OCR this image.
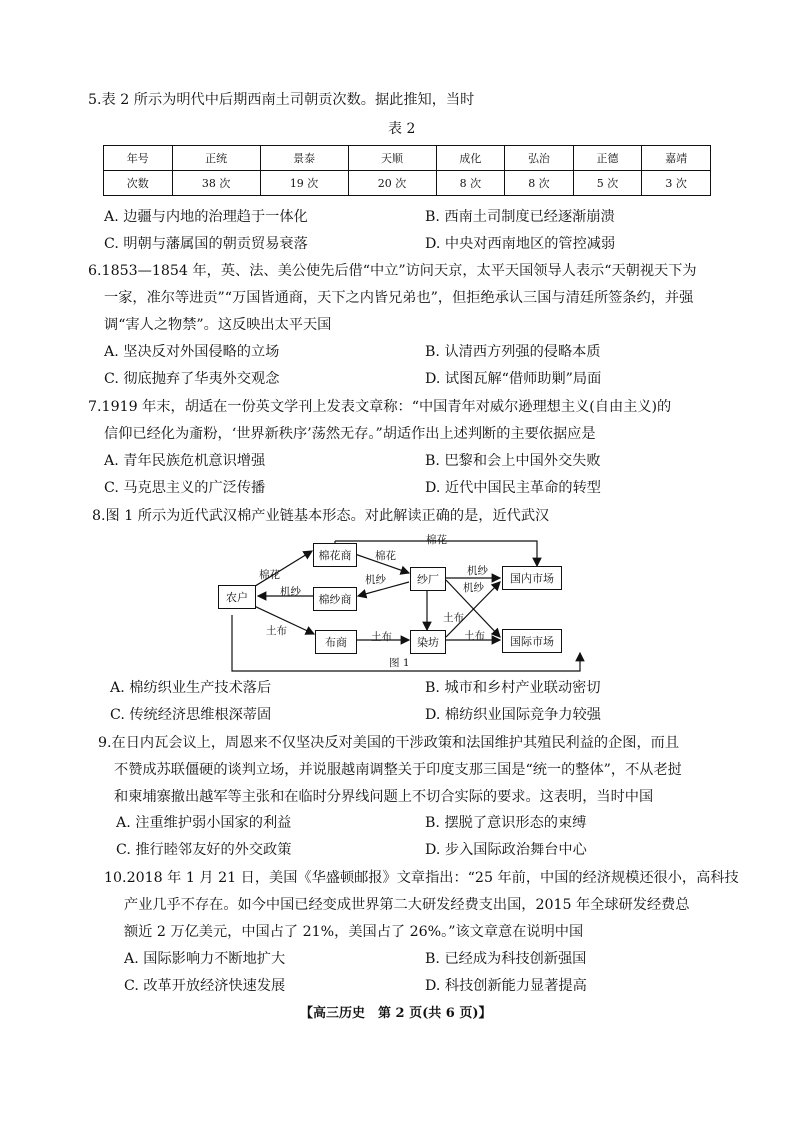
5.表 2 所示为明代中后期西南土司朝贡次数。据此推知，当时
表 2
年号	正统	景泰	天顺	成化	弘治	正德	嘉靖
次数	38 次	19 次	20 次	8 次	8 次	5 次	3 次
A. 边疆与内地的治理趋于一体化	B. 西南土司制度已经逐渐崩溃
C. 明朝与藩属国的朝贡贸易衰落	D. 中央对西南地区的管控减弱
6.1853—1854 年，英、法、美公使先后借“中立”访问天京，太平天国领导人表示“天朝视天下为
一家，准尔等进贡”“万国皆通商，天下之内皆兄弟也”，但拒绝承认三国与清廷所签条约，并强
调“害人之物禁”。这反映出太平天国
A. 坚决反对外国侵略的立场	B. 认清西方列强的侵略本质
C. 彻底抛弃了华夷外交观念	D. 试图瓦解“借师助剿”局面
7.1919 年末，胡适在一份英文学刊上发表文章称：“中国青年对威尔逊理想主义(自由主义)的
信仰已经化为齑粉，‘世界新秩序’荡然无存。”胡适作出上述判断的主要依据应是
A. 青年民族危机意识增强	B. 巴黎和会上中国外交失败
C. 马克思主义的广泛传播	D. 近代中国民主革命的转型
8.图 1 所示为近代武汉棉产业链基本形态。对此解读正确的是，近代武汉
农户
棉花商
棉纱商
布商
纱厂
染坊
国内市场
国际市场
棉花
棉花
棉花
机纱
机纱
机纱
机纱
土布	土布
土布
土布
图 1
A. 棉纺织业生产技术落后	B. 城市和乡村产业联动密切
C. 传统经济思维根深蒂固	D. 棉纺织业国际竞争力较强
9.在日内瓦会议上，周恩来不仅坚决反对美国的干涉政策和法国维护其殖民利益的企图，而且
不赞成苏联僵硬的谈判立场，并说服越南调整关于印度支那三国是“统一的整体”，不从老挝
和柬埔寨撤出越军等主张和在临时分界线问题上不切合实际的要求。这表明，当时中国
A. 注重维护弱小国家的利益	B. 摆脱了意识形态的束缚
C. 推行睦邻友好的外交政策	D. 步入国际政治舞台中心
10.2018 年 1 月 21 日，美国《华盛顿邮报》文章指出：“25 年前，中国的经济规模还很小，高科技
产业几乎不存在。如今中国已经变成世界第二大研发经费支出国，2015 年全球研发经费总
额近 2 万亿美元，中国占了 21%，美国占了 26%。”该文章意在说明中国
A. 国际影响力不断地扩大	B. 已经成为科技创新强国
C. 改革开放经济快速发展	D. 科技创新能力显著提高
【高三历史　第 2 页(共 6 页)】
